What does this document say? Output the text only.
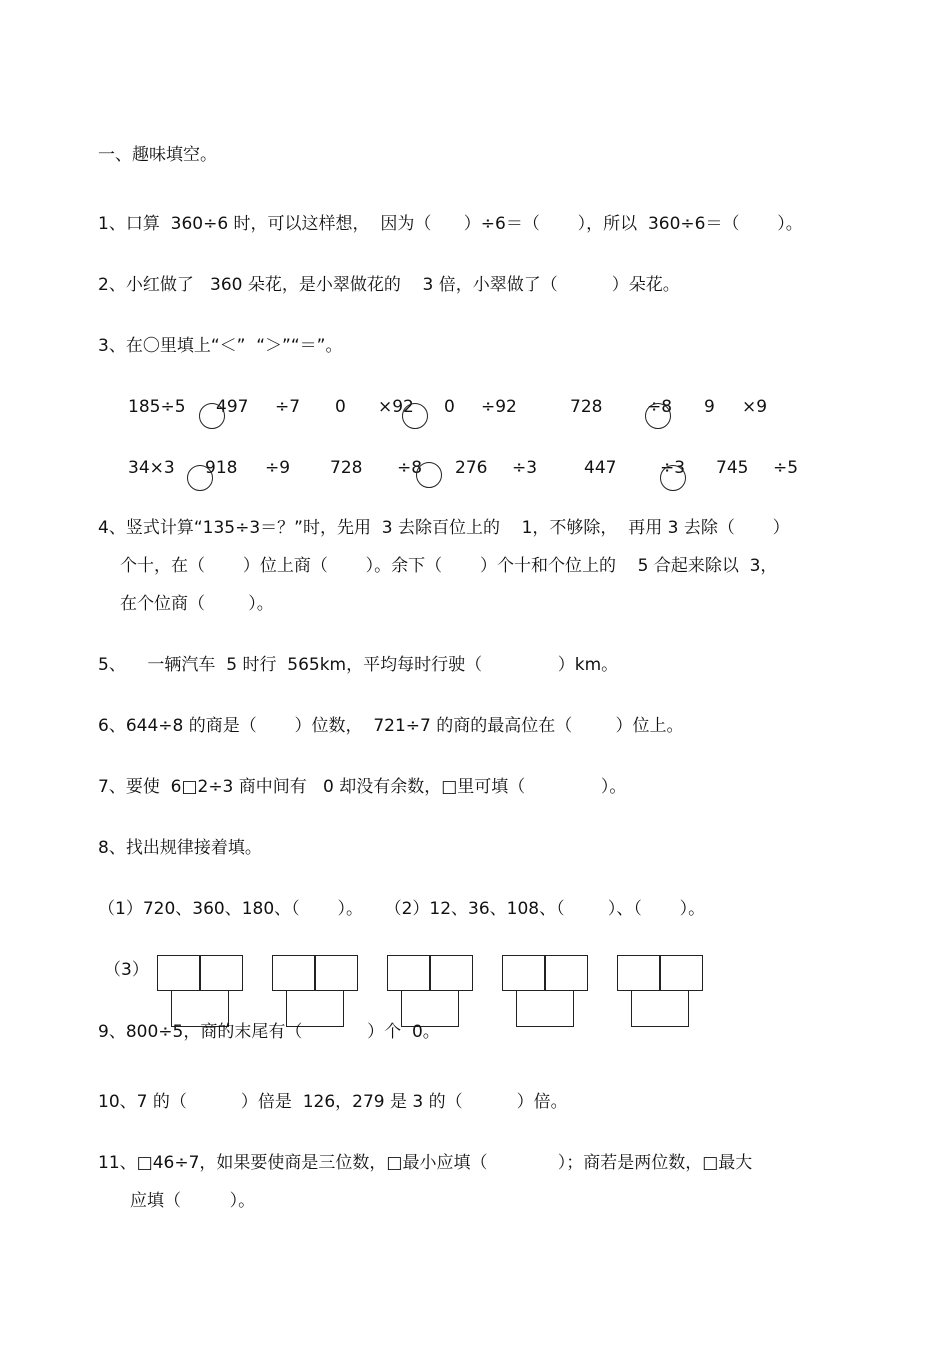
一、趣味填空。
1、口算  360÷6 时，可以这样想，  因为（      ）÷6＝（       ），所以  360÷6＝（       ）。
2、小红做了   360 朵花，是小翠做花的    3 倍，小翠做了（          ）朵花。
3、在〇里填上“＜”  “＞”“＝”。
185÷5 497 ÷7 0 ×92 0 ÷92	728	÷8 9 ×9
34×3 918 ÷9 728 ÷8 276 ÷3	447	÷3 745 ÷5
4、竖式计算“135÷3＝？”时，先用  3 去除百位上的    1，不够除，  再用 3 去除（       ）
个十，在（       ）位上商（       ）。余下（       ）个十和个位上的    5 合起来除以  3，
在个位商（        ）。
5、    一辆汽车  5 时行  565km，平均每时行驶（              ）km。
6、644÷8 的商是（       ）位数，  721÷7 的商的最高位在（        ）位上。
7、要使  6□2÷3 商中间有   0 却没有余数，□里可填（              ）。
8、找出规律接着填。
（1）720、360、180、（       ）。    （2）12、36、108、（        ）、（       ）。
（3）
9、800÷5，商的末尾有（            ）个  0。
10、7 的（          ）倍是  126，279 是 3 的（          ）倍。
11、□46÷7，如果要使商是三位数，□最小应填（             ）；商若是两位数，□最大
应填（         ）。
